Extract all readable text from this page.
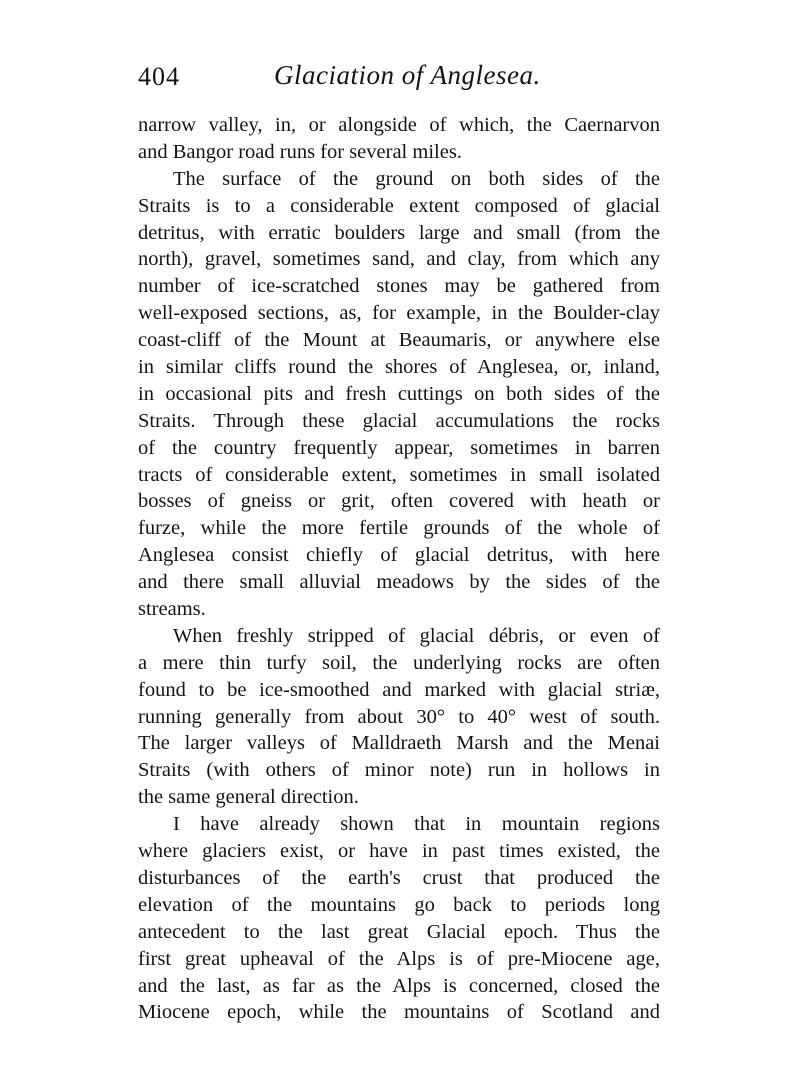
404	Glaciation of Anglesea.
narrow valley, in, or alongside of which, the Caernarvon
and Bangor road runs for several miles.
The surface of the ground on both sides of the
Straits is to a considerable extent composed of glacial
detritus, with erratic boulders large and small (from the
north), gravel, sometimes sand, and clay, from which any
number of ice-scratched stones may be gathered from
well-exposed sections, as, for example, in the Boulder-clay
coast-cliff of the Mount at Beaumaris, or anywhere else
in similar cliffs round the shores of Anglesea, or, inland,
in occasional pits and fresh cuttings on both sides of the
Straits. Through these glacial accumulations the rocks
of the country frequently appear, sometimes in barren
tracts of considerable extent, sometimes in small isolated
bosses of gneiss or grit, often covered with heath or
furze, while the more fertile grounds of the whole of
Anglesea consist chiefly of glacial detritus, with here
and there small alluvial meadows by the sides of the
streams.
When freshly stripped of glacial débris, or even of
a mere thin turfy soil, the underlying rocks are often
found to be ice-smoothed and marked with glacial striæ,
running generally from about 30° to 40° west of south.
The larger valleys of Malldraeth Marsh and the Menai
Straits (with others of minor note) run in hollows in
the same general direction.
I have already shown that in mountain regions
where glaciers exist, or have in past times existed, the
disturbances of the earth's crust that produced the
elevation of the mountains go back to periods long
antecedent to the last great Glacial epoch. Thus the
first great upheaval of the Alps is of pre-Miocene age,
and the last, as far as the Alps is concerned, closed the
Miocene epoch, while the mountains of Scotland and
